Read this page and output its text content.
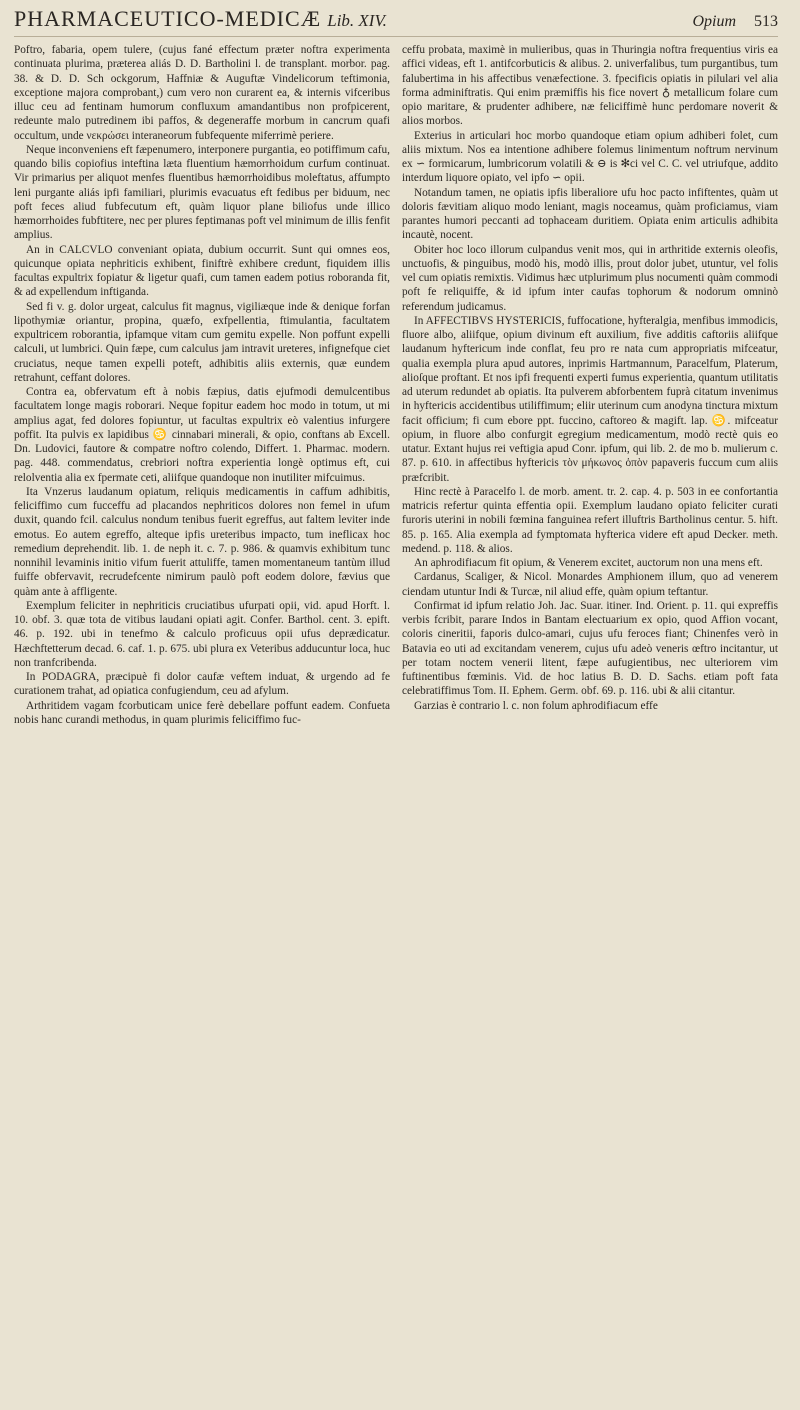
PHARMACEUTICO-MEDICÆ Lib. XIV.	Opium 513

Poftro, fabaria, opem tulere, (cujus fané effectum præter noftra experimenta continuata plurima, præterea aliás D. D. Bartholini l. de transplant. morbor. pag. 38. & D. D. Sch ockgorum, Haffniæ & Auguftæ Vindelicorum teftimonia, exceptione majora comprobant,) cum vero non curarent ea, & internis vifceribus illuc ceu ad fentinam humorum confluxum amandantibus non profpicerent, redeunte malo putredinem ibi paffos, & degeneraffe morbum in cancrum quafi occultum, unde νεκρώσει interaneorum fubfequente miferrimè periere.

Neque inconveniens eft fæpenumero, interponere purgantia, eo potiffimum cafu, quando bilis copiofius inteftina læta fluentium hæmorrhoidum curfum continuat. Vir primarius per aliquot menfes fluentibus hæmorrhoidibus moleftatus, affumpto leni purgante aliás ipfi familiari, plurimis evacuatus eft fedibus per biduum, nec poft feces aliud fubfecutum eft, quàm liquor plane biliofus unde illico hæmorrhoides fubftitere, nec per plures feptimanas poft vel minimum de illis fenfit amplius.

An in CALCVLO conveniant opiata, dubium occurrit. Sunt qui omnes eos, quicunque opiata nephriticis exhibent, finiftrè exhibere credunt, fiquidem illis facultas expultrix fopiatur & ligetur quafi, cum tamen eadem potius roboranda fit, & ad expellendum inftiganda.

Sed fi v. g. dolor urgeat, calculus fit magnus, vigiliæque inde & denique forfan lipothymiæ oriantur, propina, quæfo, exfpellentia, ftimulantia, facultatem expultricem roborantia, ipfamque vitam cum gemitu expelle. Non poffunt expelli calculi, ut lumbrici. Quin fæpe, cum calculus jam intravit ureteres, infignefque ciet cruciatus, neque tamen expelli poteft, adhibitis aliis externis, quæ eundem retrahunt, ceffant dolores.

Contra ea, obfervatum eft à nobis fæpius, datis ejufmodi demulcentibus facultatem longe magis roborari. Neque fopitur eadem hoc modo in totum, ut mi amplius agat, fed dolores fopiuntur, ut facultas expultrix eò valentius infurgere poffit. Ita pulvis ex lapidibus ♋ cinnabari minerali, & opio, conftans ab Excell. Dn. Ludovici, fautore & compatre noftro colendo, Differt. 1. Pharmac. modern. pag. 448. commendatus, crebriori noftra experientia longè optimus eft, cui relolventia alia ex fpermate ceti, aliifque quandoque non inutiliter mifcuimus.

Ita Vnzerus laudanum opiatum, reliquis medicamentis in caffum adhibitis, feliciffimo cum fucceffu ad placandos nephriticos dolores non femel in ufum duxit, quando fcil. calculus nondum tenibus fuerit egreffus, aut faltem leviter inde emotus. Eo autem egreffo, alteque ipfis ureteribus impacto, tum ineflicax hoc remedium deprehendit. lib. 1. de neph it. c. 7. p. 986. & quamvis exhibitum tunc nonnihil levaminis initio vifum fuerit attuliffe, tamen momentaneum tantùm illud fuiffe obfervavit, recrudefcente nimirum paulò poft eodem dolore, fævius que quàm ante à affligente.

Exemplum feliciter in nephriticis cruciatibus ufurpati opii, vid. apud Horft. l. 10. obf. 3. quæ tota de vitibus laudani opiati agit. Confer. Barthol. cent. 3. epift. 46. p. 192. ubi in tenefmo & calculo proficuus opii ufus deprædicatur. Hæchftetterum decad. 6. caf. 1. p. 675. ubi plura ex Veteribus adducuntur loca, huc non tranfcribenda.

In PODAGRA, præcipuè fi dolor caufæ veftem induat, & urgendo ad fe curationem trahat, ad opiatica confugiendum, ceu ad afylum.

Arthritidem vagam fcorbuticam unice ferè debellare poffunt eadem. Confueta nobis hanc curandi methodus, in quam plurimis feliciffimo fuc-

ceffu probata, maximè in mulieribus, quas in Thuringia noftra frequentius viris ea affici videas, eft 1. antifcorbuticis & alibus. 2. univerfalibus, tum purgantibus, tum falubertima in his affectibus venæfectione. 3. fpecificis opiatis in pilulari vel alia forma adminiftratis. Qui enim præmiffis his fice novert ♁ metallicum folare cum opio maritare, & prudenter adhibere, næ feliciffimè hunc perdomare noverit & alios morbos.

Exterius in articulari hoc morbo quandoque etiam opium adhiberi folet, cum aliis mixtum. Nos ea intentione adhibere folemus linimentum noftrum nervinum ex ∽ formicarum, lumbricorum volatili & ⊖ is ✻ci vel C. C. vel utriufque, addito interdum liquore opiato, vel ipfo ∽ opii.

Notandum tamen, ne opiatis ipfis liberaliore ufu hoc pacto infiftentes, quàm ut doloris fævitiam aliquo modo leniant, magis noceamus, quàm proficiamus, viam parantes humori peccanti ad tophaceam duritiem. Opiata enim articulis adhibita incautè, nocent.

Obiter hoc loco illorum culpandus venit mos, qui in arthritide externis oleofis, unctuofis, & pinguibus, modò his, modò illis, prout dolor jubet, utuntur, vel folis vel cum opiatis remixtis. Vidimus hæc utplurimum plus nocumenti quàm commodi poft fe reliquiffe, & id ipfum inter caufas tophorum & nodorum omninò referendum judicamus.

In AFFECTIBVS HYSTERICIS, fuffocatione, hyfteralgia, menfibus immodicis, fluore albo, aliifque, opium divinum eft auxilium, five additis caftoriis aliifque laudanum hyftericum inde conflat, feu pro re nata cum appropriatis mifceatur, qualia exempla plura apud autores, inprimis Hartmannum, Paracelfum, Platerum, alioſque proftant. Et nos ipfi frequenti experti fumus experientia, quantum utilitatis ad uterum redundet ab opiatis. Ita pulverem abforbentem fuprà citatum invenimus in hyftericis accidentibus utiliffimum; eliir uterinum cum anodyna tinctura mixtum facit officium; fi cum ebore ppt. fuccino, caftoreo & magift. lap. ♋. mifceatur opium, in fluore albo confurgit egregium medicamentum, modò rectè quis eo utatur. Extant hujus rei veftigia apud Conr. ipfum, qui lib. 2. de mo b. mulierum c. 87. p. 610. in affectibus hyftericis τὸν μήκωνος ὀπὸν papaveris fuccum cum aliis præfcribit.

Hinc rectè à Paracelfo l. de morb. ament. tr. 2. cap. 4. p. 503 in ee confortantia matricis refertur quinta effentia opii. Exemplum laudano opiato feliciter curati furoris uterini in nobili fœmina fanguinea refert illuftris Bartholinus centur. 5. hift. 85. p. 165. Alia exempla ad fymptomata hyfterica videre eft apud Decker. meth. medend. p. 118. & alios.

An aphrodifiacum fit opium, & Venerem excitet, auctorum non una mens eft.

Cardanus, Scaliger, & Nicol. Monardes Amphionem illum, quo ad venerem ciendam utuntur Indi & Turcæ, nil aliud effe, quàm opium teftantur.

Confirmat id ipfum relatio Joh. Jac. Suar. itiner. Ind. Orient. p. 11. qui expreffis verbis fcribit, parare Indos in Bantam electuarium ex opio, quod Affion vocant, coloris cineritii, faporis dulco-amari, cujus ufu feroces fiant; Chinenfes verò in Batavia eo uti ad excitandam venerem, cujus ufu adeò veneris œftro incitantur, ut per totam noctem venerii litent, fæpe aufugientibus, nec ulteriorem vim fuftinentibus fœminis. Vid. de hoc latius B. D. D. Sachs. etiam poft fata celebratiffimus Tom. II. Ephem. Germ. obf. 69. p. 116. ubi & alii citantur.

Garzias è contrario l. c. non folum aphrodifiacum effe
